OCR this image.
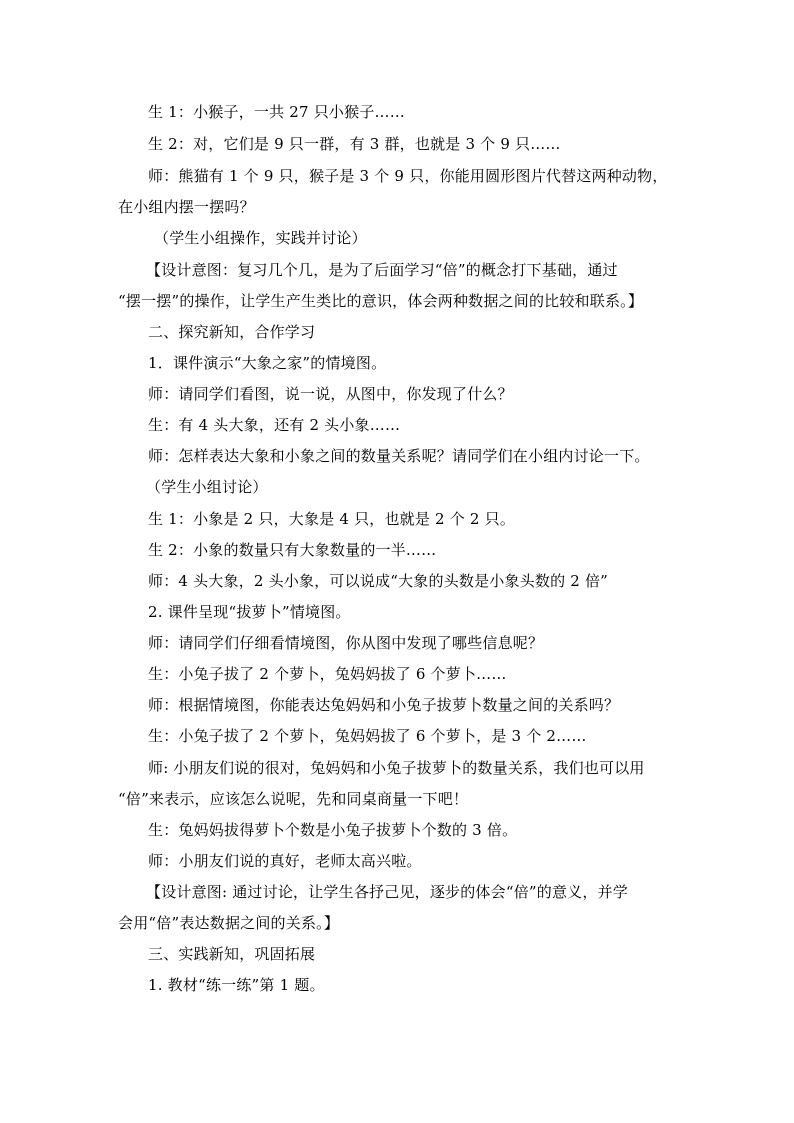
生 1：小猴子，一共 27 只小猴子……
生 2：对，它们是 9 只一群，有 3 群，也就是 3 个 9 只……
师：熊猫有 1 个 9 只，猴子是 3 个 9 只，你能用圆形图片代替这两种动物，
在小组内摆一摆吗？
（学生小组操作，实践并讨论）
【设计意图：复习几个几，是为了后面学习“倍”的概念打下基础，通过
“摆一摆”的操作，让学生产生类比的意识，体会两种数据之间的比较和联系。】
二、探究新知，合作学习
1．课件演示“大象之家”的情境图。
师：请同学们看图，说一说，从图中，你发现了什么？
生：有 4 头大象，还有 2 头小象……
师：怎样表达大象和小象之间的数量关系呢？请同学们在小组内讨论一下。
（学生小组讨论）
生 1：小象是 2 只，大象是 4 只，也就是 2 个 2 只。
生 2：小象的数量只有大象数量的一半……
师：4 头大象，2 头小象，可以说成“大象的头数是小象头数的 2 倍”
2. 课件呈现“拔萝卜”情境图。
师：请同学们仔细看情境图，你从图中发现了哪些信息呢？
生：小兔子拔了 2 个萝卜，兔妈妈拔了 6 个萝卜……
师：根据情境图，你能表达兔妈妈和小兔子拔萝卜数量之间的关系吗？
生：小兔子拔了 2 个萝卜，兔妈妈拔了 6 个萝卜，是 3 个 2……
师: 小朋友们说的很对，兔妈妈和小兔子拔萝卜的数量关系，我们也可以用
“倍”来表示，应该怎么说呢，先和同桌商量一下吧！
生：兔妈妈拔得萝卜个数是小兔子拔萝卜个数的 3 倍。
师：小朋友们说的真好，老师太高兴啦。
【设计意图: 通过讨论，让学生各抒己见，逐步的体会“倍”的意义，并学
会用“倍”表达数据之间的关系。】
三、实践新知，巩固拓展
1. 教材“练一练”第 1 题。
